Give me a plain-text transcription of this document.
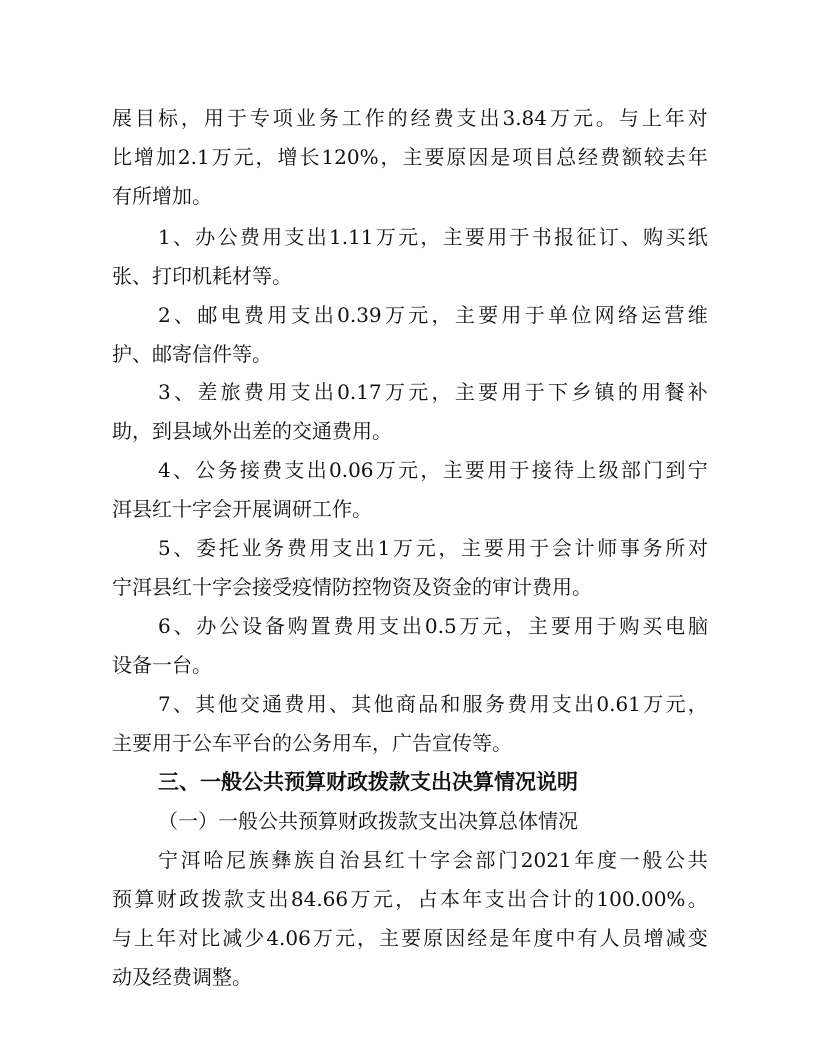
展 目 标 ， 用 于 专 项 业 务 工 作 的 经 费 支 出 3.84 万 元 。 与 上 年 对
比 增 加 2.1 万 元 ， 增 长 120% ， 主 要 原 因 是 项 目 总 经 费 额 较 去 年
有所增加。
1 、 办 公 费 用 支 出 1.11 万 元 ， 主 要 用 于 书 报 征 订 、 购 买 纸
张、打印机耗材等。
2 、 邮 电 费 用 支 出 0.39 万 元 ， 主 要 用 于 单 位 网 络 运 营 维
护、邮寄信件等。
3 、 差 旅 费 用 支 出 0.17 万 元 ， 主 要 用 于 下 乡 镇 的 用 餐 补
助，到县域外出差的交通费用。
4 、 公 务 接 费 支 出 0.06 万 元 ， 主 要 用 于 接 待 上 级 部 门 到 宁
洱县红十字会开展调研工作。
5 、 委 托 业 务 费 用 支 出 1 万 元 ， 主 要 用 于 会 计 师 事 务 所 对
宁洱县红十字会接受疫情防控物资及资金的审计费用。
6 、 办 公 设 备 购 置 费 用 支 出 0.5 万 元 ， 主 要 用 于 购 买 电 脑
设备一台。
7 、 其 他 交 通 费 用 、 其 他 商 品 和 服 务 费 用 支 出 0.61 万 元 ，
主要用于公车平台的公务用车，广告宣传等。
三、一般公共预算财政拨款支出决算情况说明
（一）一般公共预算财政拨款支出决算总体情况
宁 洱 哈 尼 族 彝 族 自 治 县 红 十 字 会 部 门 2021 年 度 一 般 公 共
预 算 财 政 拨 款 支 出 84.66 万 元 ， 占 本 年 支 出 合 计 的 100.00% 。
与 上 年 对 比 减 少 4.06 万 元 ， 主 要 原 因 经 是 年 度 中 有 人 员 增 减 变
动及经费调整。
